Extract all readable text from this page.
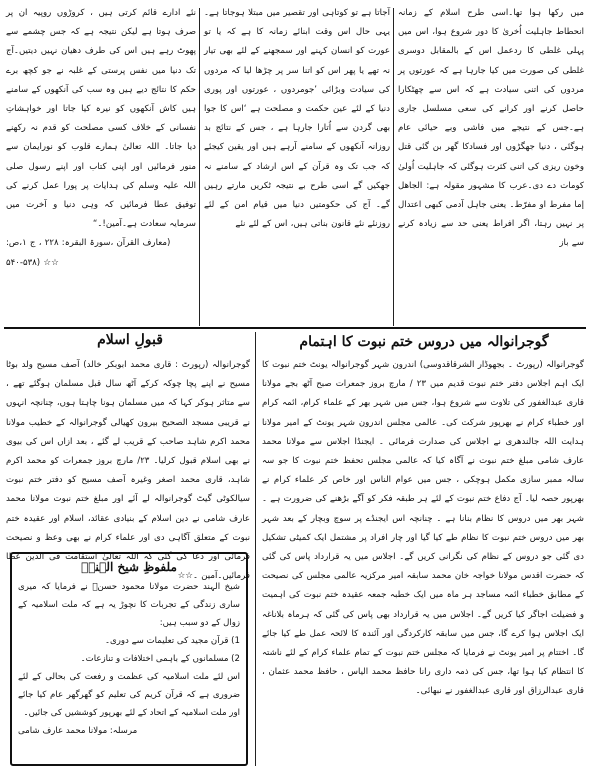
میں رکھا ہوا تھا۔اسی طرح اسلام کے زمانہ انحطاط جاہلیت اُخریٰ کا دور شروع ہوا، اس میں پہلی غلطی کا ردعمل اس کے بالمقابل دوسری غلطی کی صورت میں کیا جارہا ہے کہ عورتوں پر مردوں کی اتنی سیادت ہے کہ اس سے چھٹکارا حاصل کرنے اور کرانے کی سعی مسلسل جاری ہے۔جس کے نتیجے میں فاشی وبے حیائی عام ہوگئی ، دنیا جھگڑوں اور فسادکا گھر بن گئی قتل وخون ریزی کی اتنی کثرت ہوگئی کہ جاہلیت اُولیٰ کومات دے دی۔عرب کا مشہور مقولہ ہے: الجاهل إما مفرط او مفرّط۔ یعنی جاہل آدمی کبھی اعتدال پر نہیں رہتا، اگر افراط یعنی حد سے زیادہ کرنے سے باز
آجاتا ہے تو کوتاہی اور تقصیر میں مبتلا ہوجاتا ہے۔ یہی حال اس وقت ابنائے زمانہ کا ہے کہ یا تو عورت کو انسان کہنے اور سمجھنے کے لئے بھی تیار نہ تھے یا پھر اس کو اتنا سر پر چڑھا لیا کہ مردوں کی سیادت وبڑائی ’جومردوں ، عورتوں اور پوری دنیا کے لئے عین حکمت و مصلحت ہے ‘اس کا جوا بھی گردن سے اُتارا جارہا ہے ، جس کے نتائج بد روزانہ آنکھوں کے سامنے آرہے ہیں اور یقین کیجئے کہ جب تک وہ قرآن کے اس ارشاد کے سامنے نہ جھکیں گے اسی طرح بے نتیجہ ٹکریں مارتے رہیں گے۔ آج کی حکومتیں دنیا میں قیام امن کے لئے روزنئے نئے قانون بناتی ہیں، اس کے لئے نئے
نئے ادارے قائم کرتی ہیں ، کروڑوں روپیہ ان پر صرف ہوتا ہے لیکن نتیجہ ہے کہ جس چشمے سے پھوٹ رہے ہیں اس کی طرف دھیان نہیں دیتیں۔آج تک دنیا میں نفس پرستی کے غلبہ نے جو کچھ برے حکم کا نتائج دیے ہیں وہ سب کی آنکھوں کے سامنے ہیں کاش آنکھوں کو نیرہ کیا جاتا اور خواہشاتِ نفسانی کے خلاف کسی مصلحت کو قدم نہ رکھنے دیا جاتا۔ اللہ تعالیٰ ہمارے قلوب کو نورایمان سے منور فرمائیں اور اپنی کتاب اور اپنے رسول صلی اللہ علیہ وسلم کی ہدایات پر پورا عمل کرنے کی توفیق عطا فرمائیں کہ وہی دنیا و آخرت میں سرمایہ سعادت ہے۔آمین!۔“
(معارف القرآن ،سورۃ البقرہ: ۲۲۸ ، ج ۱،ص:
☆☆ (۵۴۰-۵۳۸
گوجرانوالہ میں دروس ختم نبوت کا اہتمام
گوجرانوالہ (رپورٹ ۔ بجھوڈار الشرقاقدوسی) اندرون شہر گوجرانوالہ یونٹ ختم نبوت کا ایک اہم اجلاس دفتر ختم نبوت قدیم میں ۲۳ / مارچ بروز جمعرات صبح آٹھ بجے مولانا قاری عبدالغفور کی تلاوت سے شروع ہوا، جس میں شہر بھر کے علماء کرام، ائمہ کرام اور خطباء کرام نے بھرپور شرکت کی۔ عالمی مجلس اندرون شہر یونٹ کے امیر مولانا ہدایت اللہ جالندھری نے اجلاس کی صدارت فرمائی ۔ ایجنڈا اجلاس سے مولانا محمد عارف شامی مبلغ ختم نبوت نے آگاہ کیا کہ عالمی مجلس تحفظ ختم نبوت کا جو سہ سالہ ممبر سازی مکمل ہوچکی ، جس میں عوام الناس اور خاص کر علماء کرام نے بھرپور حصہ لیا۔ آج دفاع ختم نبوت کے لئے ہر طبقہ فکر کو آگے بڑھنے کی ضرورت ہے ۔ شہر بھر میں دروس کا نظام بنانا ہے ۔ چنانچہ اس ایجنڈے پر سوچ وبچار کے بعد شہر بھر میں دروس ختم نبوت کا نظام طے کیا گیا اور چار افراد پر مشتمل ایک کمیٹی تشکیل دی گئی جو دروس کے نظام کی نگرانی کریں گے۔ اجلاس میں یہ قرارداد پاس کی گئی کہ حضرت اقدس مولانا خواجہ خان محمد سابقہ امیر مرکزیہ عالمی مجلس کی نصیحت کے مطابق خطباء ائمہ مساجد ہر ماہ میں ایک خطبہ جمعہ عقیدہ ختم نبوت کی اہمیت و فضیلت اجاگر کیا کریں گے۔ اجلاس میں یہ قرارداد بھی پاس کی گئی کہ ہرماہ بلاناغہ ایک اجلاس ہوا کرے گا، جس میں سابقہ کارکردگی اور آئندہ کا لائحہ عمل طے کیا جائے گا۔ اختتام پر امیر یونٹ نے فرمایا کہ مجلس ختم نبوت کے تمام علماء کرام کے لئے ناشتہ کا انتظام کیا ہوا تھا، جس کی ذمہ داری رانا حافظ محمد الیاس ، حافظ محمد عثمان ، قاری عبدالرزاق اور قاری عبدالغفور نے نبھائی۔
قبولِ اسلام
گوجرانوالہ (رپورٹ : قاری محمد ابوبکر خالد) آصف مسیح ولد بوٹا مسیح نے اپنے پچا چوکہ کرکے آٹھ سال قبل مسلمان ہوگئے تھے ، سے متاثر ہوکر کہا کہ میں مسلمان ہونا چاہتا ہوں، چنانچہ انہوں نے قریبی مسجد الصحیح بیرون کھیالی گوجرانوالہ کے خطیب مولانا محمد اکرم شاہد صاحب کے قریب لے گئے ، بعد ازاں اس کی بیوی نے بھی اسلام قبول کرلیا۔ ۲۳/ مارچ بروز جمعرات کو محمد اکرم شاہد، قاری محمد اصغر وغیرہ آصف مسیح کو دفتر ختم نبوت سیالکوٹی گیٹ گوجرانوالہ لے آئے اور مبلغ ختم نبوت مولانا محمد عارف شامی نے دین اسلام کے بنیادی عقائد، اسلام اور عقیدہ ختم نبوت کے متعلق آگاہی دی اور علماء کرام نے بھی وعظ و نصیحت فرمائی اور دعا کی گئی کہ اللہ تعالیٰ استقامت فی الدین عطا فرمائیں۔آمین ۔☆☆
ملفوظِ شیخ الہندؒ
شیخ الہند حضرت مولانا محمود حسنؒ نے فرمایا کہ میری ساری زندگی کے تجربات کا نچوڑ یہ ہے کہ ملت اسلامیہ کے زوال کے دو سبب ہیں:
1) قرآن مجید کی تعلیمات سے دوری۔
2) مسلمانوں کے باہمی اختلافات و تنازعات۔
اس لئے ملت اسلامیہ کی عظمت و رفعت کی بحالی کے لئے ضروری ہے کہ قرآن کریم کی تعلیم کو گھرگھر عام کیا جائے اور ملت اسلامیہ کے اتحاد کے لئے بھرپور کوششیں کی جائیں۔
مرسلہ: مولانا محمد عارف شامی
